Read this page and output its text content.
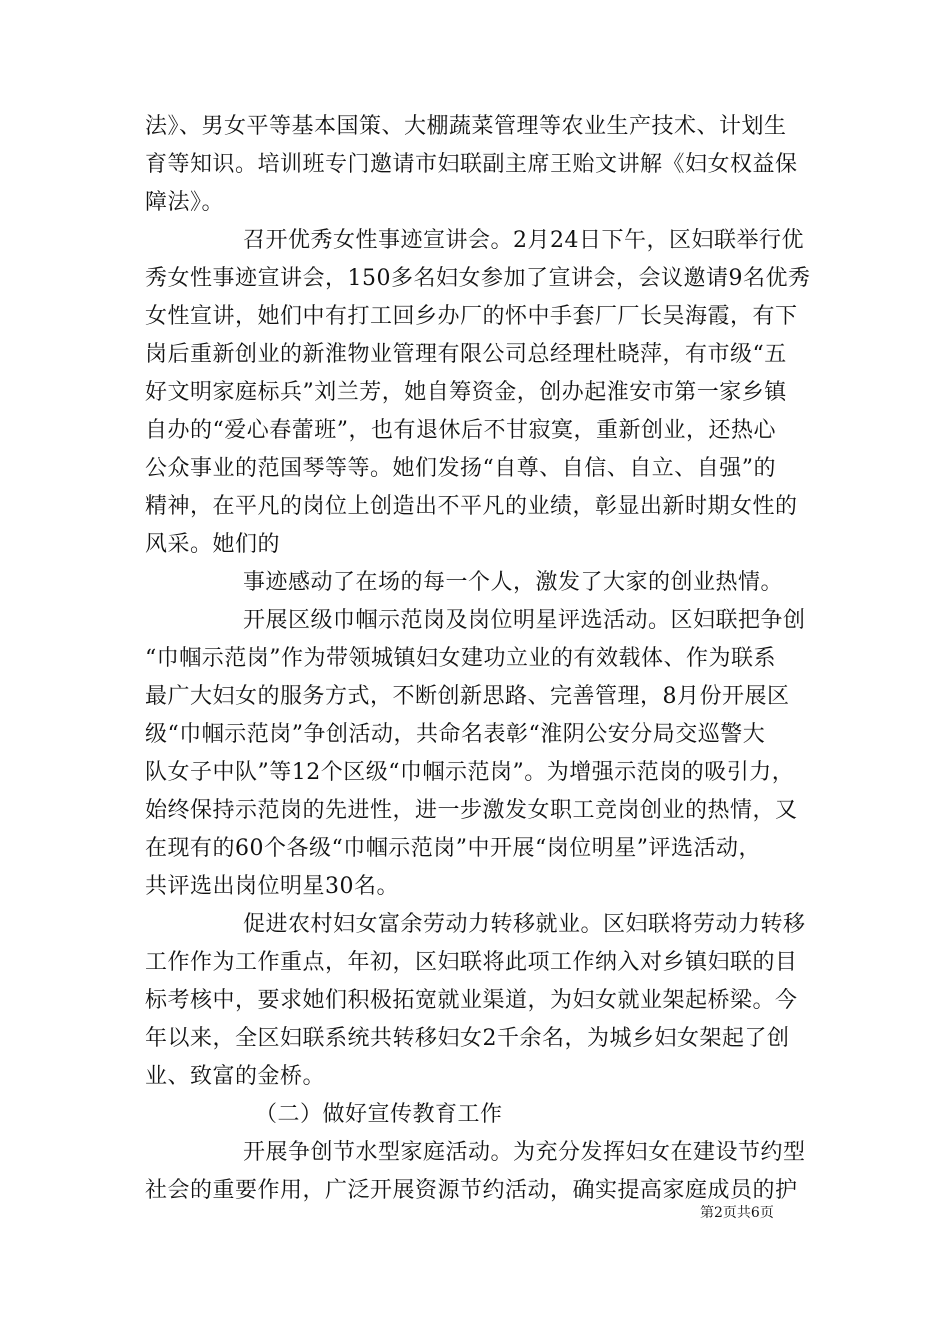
法》、男女平等基本国策、大棚蔬菜管理等农业生产技术、计划生
育等知识。培训班专门邀请市妇联副主席王贻文讲解《妇女权益保
障法》。
召开优秀女性事迹宣讲会。2月24日下午，区妇联举行优
秀女性事迹宣讲会，150多名妇女参加了宣讲会，会议邀请9名优秀
女性宣讲，她们中有打工回乡办厂的怀中手套厂厂长吴海霞，有下
岗后重新创业的新淮物业管理有限公司总经理杜晓萍，有市级“五
好文明家庭标兵”刘兰芳，她自筹资金，创办起淮安市第一家乡镇
自办的“爱心春蕾班”，也有退休后不甘寂寞，重新创业，还热心
公众事业的范国琴等等。她们发扬“自尊、自信、自立、自强”的
精神，在平凡的岗位上创造出不平凡的业绩，彰显出新时期女性的
风采。她们的
事迹感动了在场的每一个人，激发了大家的创业热情。
开展区级巾帼示范岗及岗位明星评选活动。区妇联把争创
“巾帼示范岗”作为带领城镇妇女建功立业的有效载体、作为联系
最广大妇女的服务方式，不断创新思路、完善管理，8月份开展区
级“巾帼示范岗”争创活动，共命名表彰“淮阴公安分局交巡警大
队女子中队”等12个区级“巾帼示范岗”。为增强示范岗的吸引力，
始终保持示范岗的先进性，进一步激发女职工竞岗创业的热情，又
在现有的60个各级“巾帼示范岗”中开展“岗位明星”评选活动，
共评选出岗位明星30名。
促进农村妇女富余劳动力转移就业。区妇联将劳动力转移
工作作为工作重点，年初，区妇联将此项工作纳入对乡镇妇联的目
标考核中，要求她们积极拓宽就业渠道，为妇女就业架起桥梁。今
年以来，全区妇联系统共转移妇女2千余名，为城乡妇女架起了创
业、致富的金桥。
（二）做好宣传教育工作
开展争创节水型家庭活动。为充分发挥妇女在建设节约型
社会的重要作用，广泛开展资源节约活动，确实提高家庭成员的护
第2页共6页
